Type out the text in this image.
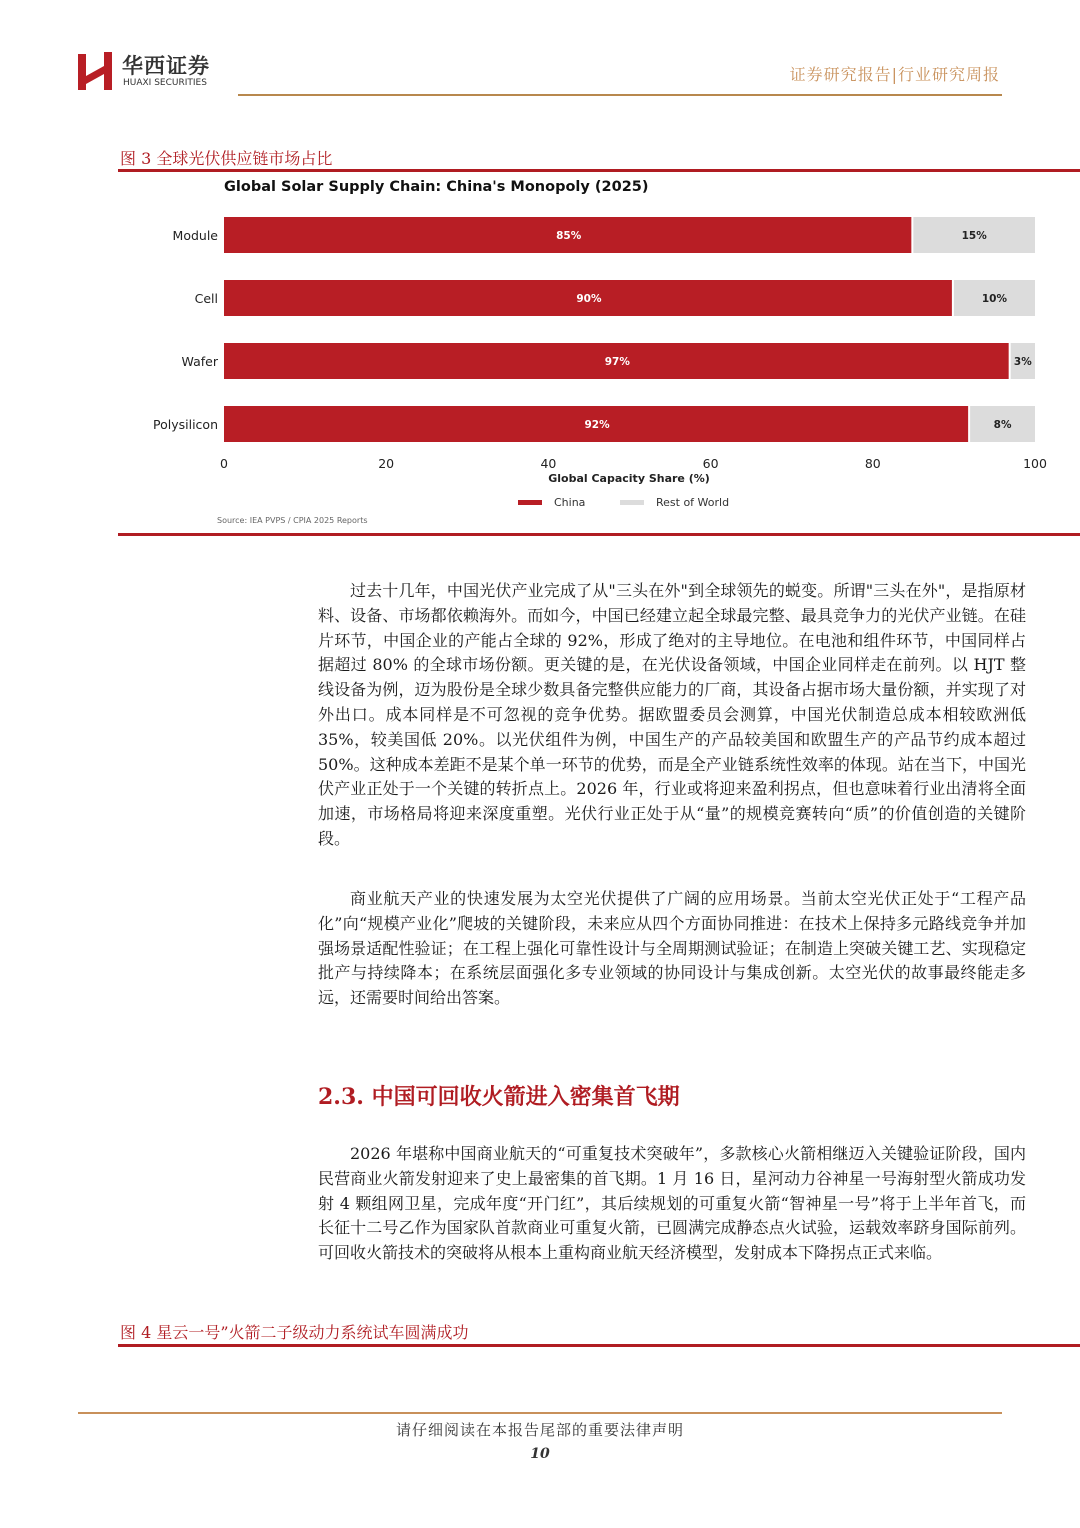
华西证券
HUAXI SECURITIES	证券研究报告|行业研究周报
图 3 全球光伏供应链市场占比
Global Solar Supply Chain: China's Monopoly (2025)
Module	85%	15%
Cell	90%	10%
Wafer	97%	3%
Polysilicon	92%	8%
0	20	40	60	80	100
Global Capacity Share (%)
China	Rest of World
Source: IEA PVPS / CPIA 2025 Reports

过去十几年，中国光伏产业完成了从"三头在外"到全球领先的蜕变。所谓"三头在外"，是指原材料、设备、市场都依赖海外。而如今，中国已经建立起全球最完整、最具竞争力的光伏产业链。在硅片环节，中国企业的产能占全球的 92%，形成了绝对的主导地位。在电池和组件环节，中国同样占据超过 80% 的全球市场份额。更关键的是，在光伏设备领域，中国企业同样走在前列。以 HJT 整线设备为例，迈为股份是全球少数具备完整供应能力的厂商，其设备占据市场大量份额，并实现了对外出口。成本同样是不可忽视的竞争优势。据欧盟委员会测算，中国光伏制造总成本相较欧洲低 35%，较美国低 20%。以光伏组件为例，中国生产的产品较美国和欧盟生产的产品节约成本超过 50%。这种成本差距不是某个单一环节的优势，而是全产业链系统性效率的体现。站在当下，中国光伏产业正处于一个关键的转折点上。2026 年，行业或将迎来盈利拐点，但也意味着行业出清将全面加速，市场格局将迎来深度重塑。光伏行业正处于从“量”的规模竞赛转向“质”的价值创造的关键阶段。

商业航天产业的快速发展为太空光伏提供了广阔的应用场景。当前太空光伏正处于“工程产品化”向“规模产业化”爬坡的关键阶段，未来应从四个方面协同推进：在技术上保持多元路线竞争并加强场景适配性验证；在工程上强化可靠性设计与全周期测试验证；在制造上突破关键工艺、实现稳定批产与持续降本；在系统层面强化多专业领域的协同设计与集成创新。太空光伏的故事最终能走多远，还需要时间给出答案。

2.3. 中国可回收火箭进入密集首飞期

2026 年堪称中国商业航天的“可重复技术突破年”，多款核心火箭相继迈入关键验证阶段，国内民营商业火箭发射迎来了史上最密集的首飞期。1 月 16 日，星河动力谷神星一号海射型火箭成功发射 4 颗组网卫星，完成年度“开门红”，其后续规划的可重复火箭“智神星一号”将于上半年首飞，而长征十二号乙作为国家队首款商业可重复火箭，已圆满完成静态点火试验，运载效率跻身国际前列。可回收火箭技术的突破将从根本上重构商业航天经济模型，发射成本下降拐点正式来临。

图 4 星云一号”火箭二子级动力系统试车圆满成功
请仔细阅读在本报告尾部的重要法律声明
10
